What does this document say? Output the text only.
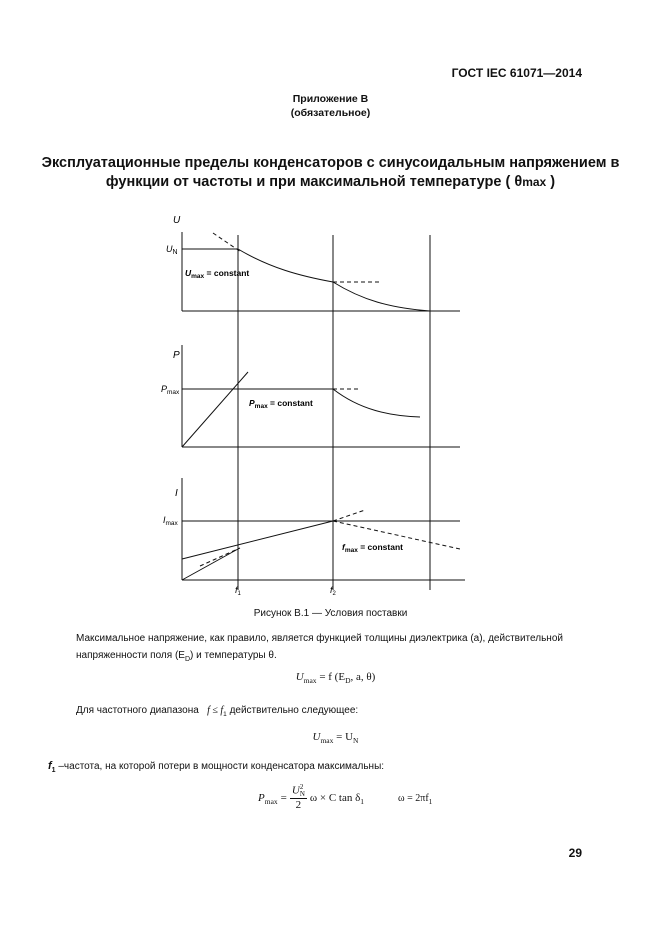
ГОСТ IEC 61071—2014
Приложение В
(обязательное)
Эксплуатационные пределы конденсаторов с синусоидальным напряжением в
функции от частоты и при максимальной температуре ( θmax )
U
$U_N$
$U_{max}$ = constant
P
$P_{max}$
$P_{max}$ = constant
I
$I_{max}$
$f_{max}$ = constant
$f_1$	$f_2$
Рисунок В.1 — Условия поставки
Максимальное напряжение, как правило, является функцией толщины диэлектрика (а), действительной напряженности поля $(E_D)$ и температуры θ.
$U_{max} = f$ ($E_D$, a, θ)
Для частотного диапазона $f \le f_1$ действительно следующее:
$U_{max} = U_N$
$f_1$ –частота, на которой потери в мощности конденсатора максимальны:
$P_{max} = U$ 2
N
2 ω × C $\tan \delta_1$	$\omega = 2\pi f_1$
29
